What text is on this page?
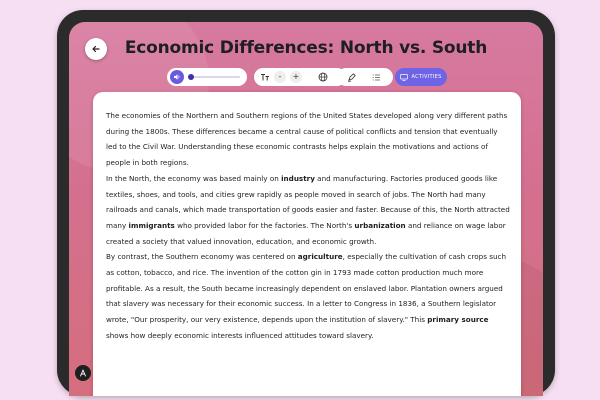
Economic Differences: North vs. South
- +	ACTIVITIES

The economies of the Northern and Southern regions of the United States developed along very different paths during the 1800s. These differences became a central cause of political conflicts and tension that eventually led to the Civil War. Understanding these economic contrasts helps explain the motivations and actions of people in both regions.

In the North, the economy was based mainly on industry and manufacturing. Factories produced goods like textiles, shoes, and tools, and cities grew rapidly as people moved in search of jobs. The North had many railroads and canals, which made transportation of goods easier and faster. Because of this, the North attracted many immigrants who provided labor for the factories. The North's urbanization and reliance on wage labor created a society that valued innovation, education, and economic growth.

By contrast, the Southern economy was centered on agriculture, especially the cultivation of cash crops such as cotton, tobacco, and rice. The invention of the cotton gin in 1793 made cotton production much more profitable. As a result, the South became increasingly dependent on enslaved labor. Plantation owners argued that slavery was necessary for their economic success. In a letter to Congress in 1836, a Southern legislator wrote, "Our prosperity, our very existence, depends upon the institution of slavery." This primary source shows how deeply economic interests influenced attitudes toward slavery.
